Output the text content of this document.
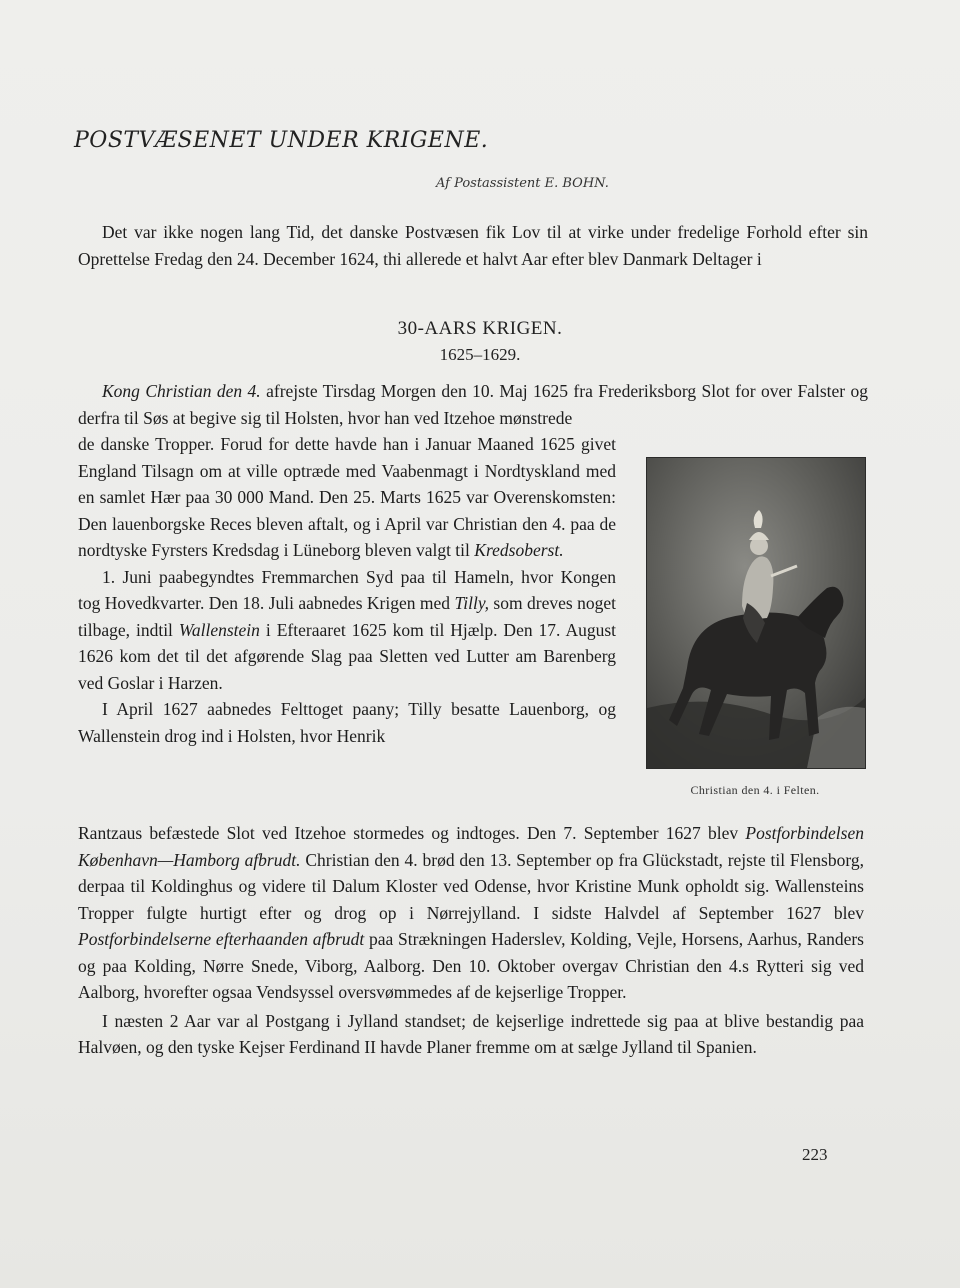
POSTVÆSENET UNDER KRIGENE.
Af Postassistent E. BOHN.

Det var ikke nogen lang Tid, det danske Postvæsen fik Lov til at virke under fredelige Forhold efter sin Oprettelse Fredag den 24. December 1624, thi allerede et halvt Aar efter blev Danmark Deltager i

30-AARS KRIGEN.
1625–1629.

Kong Christian den 4. afrejste Tirsdag Morgen den 10. Maj 1625 fra Frederiksborg Slot for over Falster og derfra til Søs at begive sig til Holsten, hvor han ved Itzehoe mønstrede

de danske Tropper. Forud for dette havde han i Januar Maaned 1625 givet England Tilsagn om at ville optræde med Vaabenmagt i Nordtyskland med en samlet Hær paa 30 000 Mand. Den 25. Marts 1625 var Overenskomsten: Den lauenborgske Reces bleven aftalt, og i April var Christian den 4. paa de nordtyske Fyrsters Kredsdag i Lüneborg bleven valgt til Kredsoberst.

1. Juni paabegyndtes Fremmarchen Syd paa til Hameln, hvor Kongen tog Hovedkvarter. Den 18. Juli aabnedes Krigen med Tilly, som dreves noget tilbage, indtil Wallenstein i Efteraaret 1625 kom til Hjælp. Den 17. August 1626 kom det til det afgørende Slag paa Sletten ved Lutter am Barenberg ved Goslar i Harzen.

I April 1627 aabnedes Felttoget paany; Tilly besatte Lauenborg, og Wallenstein drog ind i Holsten, hvor Henrik

Christian den 4. i Felten.

Rantzaus befæstede Slot ved Itzehoe stormedes og indtoges. Den 7. September 1627 blev Postforbindelsen København—Hamborg afbrudt. Christian den 4. brød den 13. September op fra Glückstadt, rejste til Flensborg, derpaa til Koldinghus og videre til Dalum Kloster ved Odense, hvor Kristine Munk opholdt sig. Wallensteins Tropper fulgte hurtigt efter og drog op i Nørrejylland. I sidste Halvdel af September 1627 blev Postforbindelserne efterhaanden afbrudt paa Strækningen Haderslev, Kolding, Vejle, Horsens, Aarhus, Randers og paa Kolding, Nørre Snede, Viborg, Aalborg. Den 10. Oktober overgav Christian den 4.s Rytteri sig ved Aalborg, hvorefter ogsaa Vendsyssel oversvømmedes af de kejserlige Tropper.

I næsten 2 Aar var al Postgang i Jylland standset; de kejserlige indrettede sig paa at blive bestandig paa Halvøen, og den tyske Kejser Ferdinand II havde Planer fremme om at sælge Jylland til Spanien.

223
